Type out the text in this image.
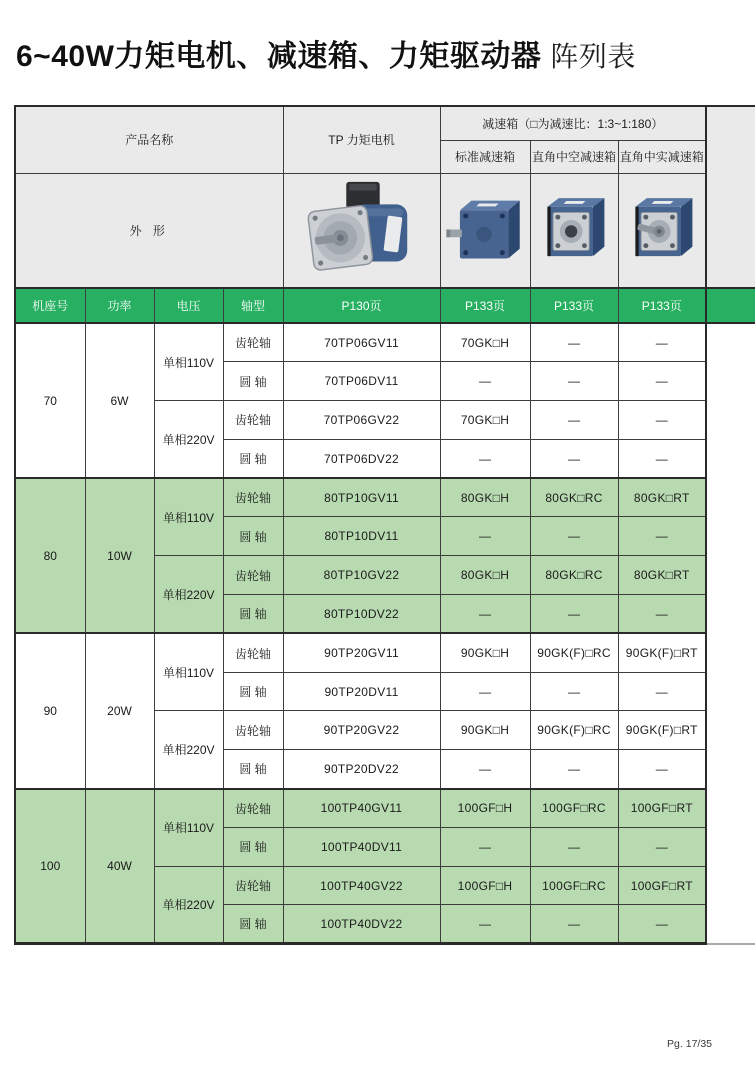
6~40W力矩电机、减速箱、力矩驱动器 阵列表
产品名称				TP 力矩电机	减速箱（□为减速比：1:3~1:180）			
					标准减速箱	直角中空减速箱	直角中实减速箱	
外 形	

机座号	功率	电压	轴型	P130页	P133页	P133页	P133页	
70	6W	单相110V	齿轮轴	70TP06GV11	70GK□H	—	—	
			圆 轴	70TP06DV11	—	—	—	
		单相220V	齿轮轴	70TP06GV22	70GK□H	—	—	
			圆 轴	70TP06DV22	—	—	—	
80	10W	单相110V	齿轮轴	80TP10GV11	80GK□H	80GK□RC	80GK□RT	
			圆 轴	80TP10DV11	—	—	—	
		单相220V	齿轮轴	80TP10GV22	80GK□H	80GK□RC	80GK□RT	
			圆 轴	80TP10DV22	—	—	—	
90	20W	单相110V	齿轮轴	90TP20GV11	90GK□H	90GK(F)□RC	90GK(F)□RT	
			圆 轴	90TP20DV11	—	—	—	
		单相220V	齿轮轴	90TP20GV22	90GK□H	90GK(F)□RC	90GK(F)□RT	
			圆 轴	90TP20DV22	—	—	—	
100	40W	单相110V	齿轮轴	100TP40GV11	100GF□H	100GF□RC	100GF□RT	
			圆 轴	100TP40DV11	—	—	—	
		单相220V	齿轮轴	100TP40GV22	100GF□H	100GF□RC	100GF□RT	
			圆 轴	100TP40DV22	—	—	—	
Pg. 17/35
